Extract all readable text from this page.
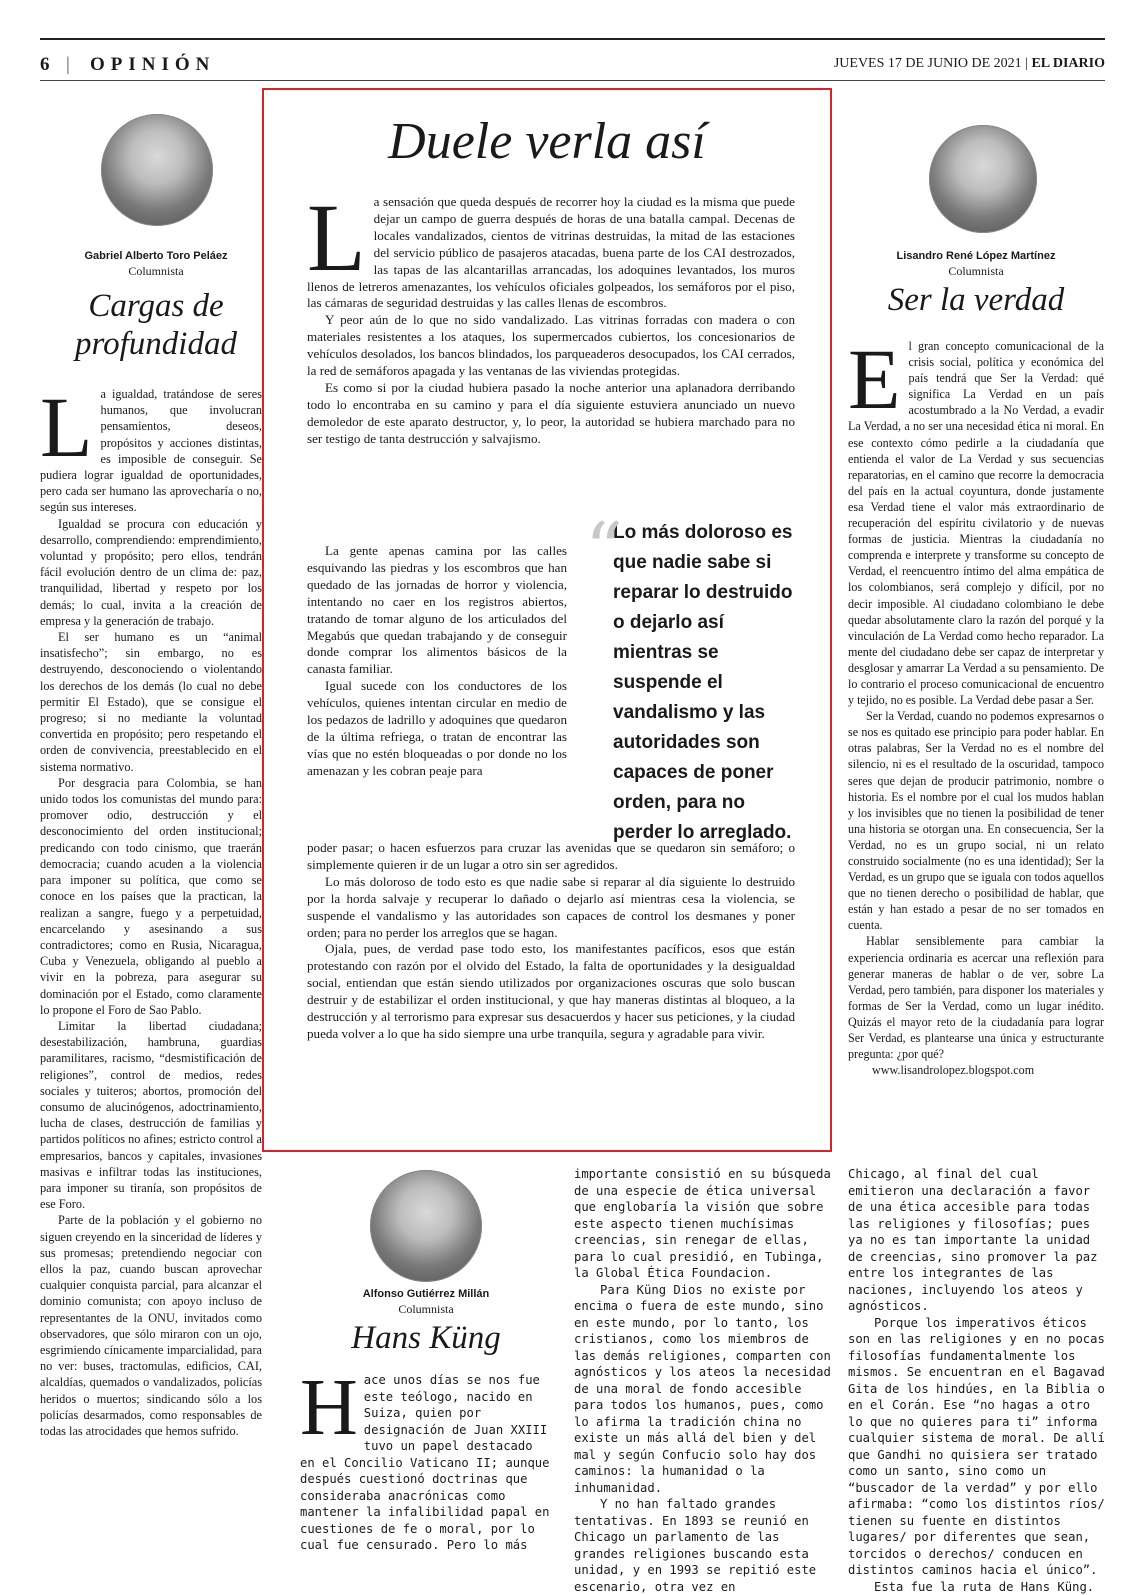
6 | OPINIÓN	JUEVES 17 DE JUNIO DE 2021 | EL DIARIO
Gabriel Alberto Toro Peláez
Columnista
Cargas de profundidad
L a igualdad, tratándose de seres humanos, que involucran pensamientos, deseos, propósitos y acciones distintas, es imposible de conseguir. Se pudiera lograr igualdad de oportunidades, pero cada ser humano las aprovecharía o no, según sus intereses.

Igualdad se procura con educación y desarrollo, comprendiendo: emprendimiento, voluntad y propósito; pero ellos, tendrán fácil evolución dentro de un clima de: paz, tranquilidad, libertad y respeto por los demás; lo cual, invita a la creación de empresa y la generación de trabajo.

El ser humano es un “animal insatisfecho”; sin embargo, no es destruyendo, desconociendo o violentando los derechos de los demás (lo cual no debe permitir El Estado), que se consigue el progreso; si no mediante la voluntad convertida en propósito; pero respetando el orden de convivencia, preestablecido en el sistema normativo.

Por desgracia para Colombia, se han unido todos los comunistas del mundo para: promover odio, destrucción y el desconocimiento del orden institucional; predicando con todo cinismo, que traerán democracia; cuando acuden a la violencia para imponer su política, que como se conoce en los países que la practican, la realizan a sangre, fuego y a perpetuidad, encarcelando y asesinando a sus contradictores; como en Rusia, Nicaragua, Cuba y Venezuela, obligando al pueblo a vivir en la pobreza, para asegurar su dominación por el Estado, como claramente lo propone el Foro de Sao Pablo.

Limitar la libertad ciudadana; desestabilización, hambruna, guardias paramilitares, racismo, “desmistificación de religiones”, control de medios, redes sociales y tuiteros; abortos, promoción del consumo de alucinógenos, adoctrinamiento, lucha de clases, destrucción de familias y partidos políticos no afines; estricto control a empresarios, bancos y capitales, invasiones masivas e infiltrar todas las instituciones, para imponer su tiranía, son propósitos de ese Foro.

Parte de la población y el gobierno no siguen creyendo en la sinceridad de líderes y sus promesas; pretendiendo negociar con ellos la paz, cuando buscan aprovechar cualquier conquista parcial, para alcanzar el dominio comunista; con apoyo incluso de representantes de la ONU, invitados como observadores, que sólo miraron con un ojo, esgrimiendo cínicamente imparcialidad, para no ver: buses, tractomulas, edificios, CAI, alcaldías, quemados o vandalizados, policías heridos o muertos; sindicando sólo a los policías desarmados, como responsables de todas las atrocidades que hemos sufrido.

Duele verla así
L a sensación que queda después de recorrer hoy la ciudad es la misma que puede dejar un campo de guerra después de horas de una batalla campal. Decenas de locales vandalizados, cientos de vitrinas destruidas, la mitad de las estaciones del servicio público de pasajeros atacadas, buena parte de los CAI destrozados, las tapas de las alcantarillas arrancadas, los adoquines levantados, los muros llenos de letreros amenazantes, los vehículos oficiales golpeados, los semáforos por el piso, las cámaras de seguridad destruidas y las calles llenas de escombros.

Y peor aún de lo que no sido vandalizado. Las vitrinas forradas con madera o con materiales resistentes a los ataques, los supermercados cubiertos, los concesionarios de vehículos desolados, los bancos blindados, los parqueaderos desocupados, los CAI cerrados, la red de semáforos apagada y las ventanas de las viviendas protegidas.

Es como si por la ciudad hubiera pasado la noche anterior una aplanadora derribando todo lo encontraba en su camino y para el día siguiente estuviera anunciado un nuevo demoledor de este aparato destructor, y, lo peor, la autoridad se hubiera marchado para no ser testigo de tanta destrucción y salvajismo.

La gente apenas camina por las calles esquivando las piedras y los escombros que han quedado de las jornadas de horror y violencia, intentando no caer en los registros abiertos, tratando de tomar alguno de los articulados del Megabús que quedan trabajando y de conseguir donde comprar los alimentos básicos de la canasta familiar.

Igual sucede con los conductores de los vehículos, quienes intentan circular en medio de los pedazos de ladrillo y adoquines que quedaron de la última refriega, o tratan de encontrar las vías que no estén bloqueadas o por donde no los amenazan y les cobran peaje para

“
Lo más doloroso es que nadie sabe si reparar lo destruido o dejarlo así mientras se suspende el vandalismo y las autoridades son capaces de poner orden, para no perder lo arreglado.

poder pasar; o hacen esfuerzos para cruzar las avenidas que se quedaron sin semáforo; o simplemente quieren ir de un lugar a otro sin ser agredidos.

Lo más doloroso de todo esto es que nadie sabe si reparar al día siguiente lo destruido por la horda salvaje y recuperar lo dañado o dejarlo así mientras cesa la violencia, se suspende el vandalismo y las autoridades son capaces de control los desmanes y poner orden; para no perder los arreglos que se hagan.

Ojala, pues, de verdad pase todo esto, los manifestantes pacíficos, esos que están protestando con razón por el olvido del Estado, la falta de oportunidades y la desigualdad social, entiendan que están siendo utilizados por organizaciones oscuras que solo buscan destruir y de estabilizar el orden institucional, y que hay maneras distintas al bloqueo, a la destrucción y al terrorismo para expresar sus desacuerdos y hacer sus peticiones, y la ciudad pueda volver a lo que ha sido siempre una urbe tranquila, segura y agradable para vivir.

Lisandro René López Martínez
Columnista
Ser la verdad
E l gran concepto comunicacional de la crisis social, política y económica del país tendrá que Ser la Verdad: qué significa La Verdad en un país acostumbrado a la No Verdad, a evadir La Verdad, a no ser una necesidad ética ni moral. En ese contexto cómo pedirle a la ciudadanía que entienda el valor de La Verdad y sus secuencias reparatorias, en el camino que recorre la democracia del país en la actual coyuntura, donde justamente esa Verdad tiene el valor más extraordinario de recuperación del espíritu civilatorio y de nuevas formas de justicia. Mientras la ciudadanía no comprenda e interprete y transforme su concepto de Verdad, el reencuentro íntimo del alma empática de los colombianos, será complejo y difícil, por no decir imposible. Al ciudadano colombiano le debe quedar absolutamente claro la razón del porqué y la vinculación de La Verdad como hecho reparador. La mente del ciudadano debe ser capaz de interpretar y desglosar y amarrar La Verdad a su pensamiento. De lo contrario el proceso comunicacional de encuentro y tejido, no es posible. La Verdad debe pasar a Ser.

Ser la Verdad, cuando no podemos expresarnos o se nos es quitado ese principio para poder hablar. En otras palabras, Ser la Verdad no es el nombre del silencio, ni es el resultado de la oscuridad, tampoco seres que dejan de producir patrimonio, nombre o historia. Es el nombre por el cual los mudos hablan y los invisibles que no tienen la posibilidad de tener una historia se otorgan una. En consecuencia, Ser la Verdad, no es un grupo social, ni un relato construido socialmente (no es una identidad); Ser la Verdad, es un grupo que se iguala con todos aquellos que no tienen derecho o posibilidad de hablar, que están y han estado a pesar de no ser tomados en cuenta.

Hablar sensiblemente para cambiar la experiencia ordinaria es acercar una reflexión para generar maneras de hablar o de ver, sobre La Verdad, pero también, para disponer los materiales y formas de Ser la Verdad, como un lugar inédito. Quizás el mayor reto de la ciudadanía para lograr Ser Verdad, es plantearse una única y estructurante pregunta: ¿por qué?

www.lisandrolopez.blogspot.com

Alfonso Gutiérrez Millán
Columnista
Hans Küng
H ace unos días se nos fue este teólogo, nacido en Suiza, quien por designación de Juan XXIII tuvo un papel destacado en el Concilio Vaticano II; aunque después cuestionó doctrinas que consideraba anacrónicas como mantener la infalibilidad papal en cuestiones de fe o moral, por lo cual fue censurado. Pero lo más

importante consistió en su búsqueda de una especie de ética universal que englobaría la visión que sobre este aspecto tienen muchísimas creencias, sin renegar de ellas, para lo cual presidió, en Tubinga, la Global Ética Foundacion.

Para Küng Dios no existe por encima o fuera de este mundo, sino en este mundo, por lo tanto, los cristianos, como los miembros de las demás religiones, comparten con agnósticos y los ateos la necesidad de una moral de fondo accesible para todos los humanos, pues, como lo afirma la tradición china no existe un más allá del bien y del mal y según Confucio solo hay dos caminos: la humanidad o la inhumanidad.

Y no han faltado grandes tentativas. En 1893 se reunió en Chicago un parlamento de las grandes religiones buscando esta unidad, y en 1993 se repitió este escenario, otra vez en

Chicago, al final del cual emitieron una declaración a favor de una ética accesible para todas las religiones y filosofías; pues ya no es tan importante la unidad de creencias, sino promover la paz entre los integrantes de las naciones, incluyendo los ateos y agnósticos.

Porque los imperativos éticos son en las religiones y en no pocas filosofías fundamentalmente los mismos. Se encuentran en el Bagavad Gita de los hindúes, en la Biblia o en el Corán. Ese “no hagas a otro lo que no quieres para ti” informa cualquier sistema de moral. De allí que Gandhi no quisiera ser tratado como un santo, sino como un “buscador de la verdad” y por ello afirmaba: “como los distintos ríos/ tienen su fuente en distintos lugares/ por diferentes que sean, torcidos o derechos/ conducen en distintos caminos hacia el único”.

Esta fue la ruta de Hans Küng.
